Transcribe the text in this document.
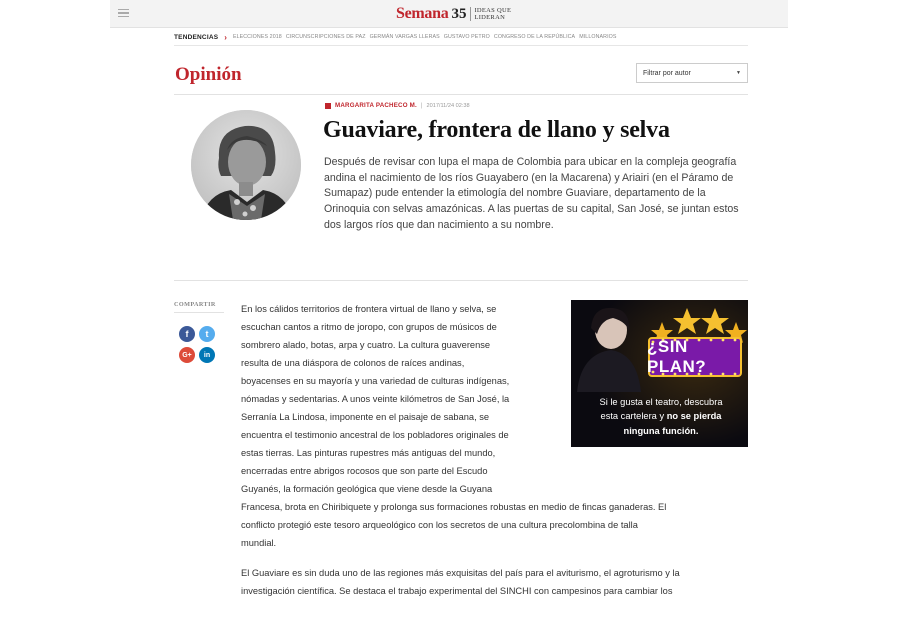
Semana 35	IDEAS QUE
LIDERAN
TENDENCIAS › ELECCIONES 2018 CIRCUNSCRIPCIONES DE PAZ GERMÁN VARGAS LLERAS GUSTAVO PETRO CONGRESO DE LA REPÚBLICA MILLONARIOS
Opinión	Filtrar por autor	▼
MARGARITA PACHECO M. | 2017/11/24 02:38
Guaviare, frontera de llano y selva

Después de revisar con lupa el mapa de Colombia para ubicar en la compleja geografía andina el nacimiento de los ríos Guayabero (en la Macarena) y Ariairi (en el Páramo de Sumapaz) pude entender la etimología del nombre Guaviare, departamento de la Orinoquia con selvas amazónicas. A las puertas de su capital, San José, se juntan estos dos largos ríos que dan nacimiento a su nombre.

COMPARTIR
f	t
G+	in
En los cálidos territorios de frontera virtual de llano y selva, se
escuchan cantos a ritmo de joropo, con grupos de músicos de
sombrero alado, botas, arpa y cuatro. La cultura guaverense
resulta de una diáspora de colonos de raíces andinas,
boyacenses en su mayoría y una variedad de culturas indígenas,
nómadas y sedentarias. A unos veinte kilómetros de San José, la
Serranía La Lindosa, imponente en el paisaje de sabana, se
encuentra el testimonio ancestral de los pobladores originales de
estas tierras. Las pinturas rupestres más antiguas del mundo,
encerradas entre abrigos rocosos que son parte del Escudo
Guyanés, la formación geológica que viene desde la Guyana
Francesa, brota en Chiribiquete y prolonga sus formaciones robustas en medio de fincas ganaderas. El
conflicto protegió este tesoro arqueológico con los secretos de una cultura precolombina de talla
mundial.
El Guaviare es sin duda uno de las regiones más exquisitas del país para el aviturismo, el agroturismo y la
investigación científica. Se destaca el trabajo experimental del SINCHI con campesinos para cambiar los
¿SIN PLAN?
Si le gusta el teatro, descubra
esta cartelera y no se pierda
ninguna función.
